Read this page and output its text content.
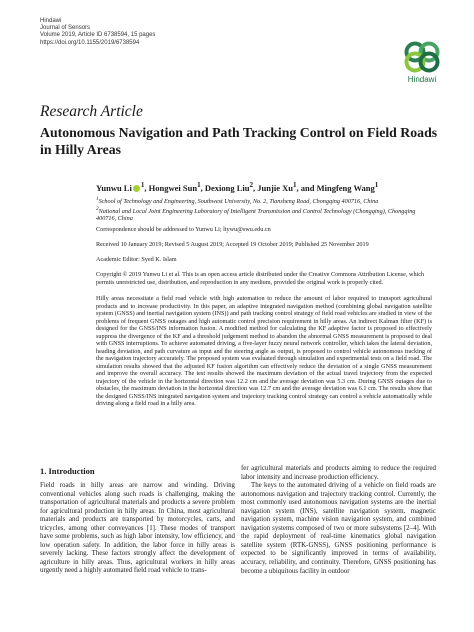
Hindawi
Journal of Sensors
Volume 2019, Article ID 6738594, 15 pages
https://doi.org/10.1155/2019/6738594
Hindawi
Research Article
Autonomous Navigation and Path Tracking Control on Field Roads in Hilly Areas
Yunwu Li $^1$, Hongwei Sun$^1$, Dexiong Liu$^2$, Junjie Xu$^1$, and Mingfeng Wang$^1$
$^1$School of Technology and Engineering, Southwest University, No. 2, Tiansheng Road, Chongqing 400716, China
$^2$National and Local Joint Engineering Laboratory of Intelligent Transmission and Control Technology (Chongqing), Chongqing 400716, China
Correspondence should be addressed to Yunwu Li; liywu@swu.edu.cn
Received 10 January 2019; Revised 5 August 2019; Accepted 19 October 2019; Published 25 November 2019
Academic Editor: Syed K. Islam
Copyright © 2019 Yunwu Li et al. This is an open access article distributed under the Creative Commons Attribution License, which permits unrestricted use, distribution, and reproduction in any medium, provided the original work is properly cited.
Hilly areas necessitate a field road vehicle with high automation to reduce the amount of labor required to transport agricultural products and to increase productivity. In this paper, an adaptive integrated navigation method (combining global navigation satellite system (GNSS) and inertial navigation system (INS)) and path tracking control strategy of field road vehicles are studied in view of the problems of frequent GNSS outages and high automatic control precision requirement in hilly areas. An indirect Kalman filter (KF) is designed for the GNSS/INS information fusion. A modified method for calculating the KF adaptive factor is proposed to effectively suppress the divergence of the KF and a threshold judgement method to abandon the abnormal GNSS measurement is proposed to deal with GNSS interruptions. To achieve automated driving, a five-layer fuzzy neural network controller, which takes the lateral deviation, heading deviation, and path curvature as input and the steering angle as output, is proposed to control vehicle autonomous tracking of the navigation trajectory accurately. The proposed system was evaluated through simulation and experimental tests on a field road. The simulation results showed that the adjusted KF fusion algorithm can effectively reduce the deviation of a single GNSS measurement and improve the overall accuracy. The test results showed the maximum deviation of the actual travel trajectory from the expected trajectory of the vehicle in the horizontal direction was 12.2 cm and the average deviation was 5.3 cm. During GNSS outages due to obstacles, the maximum deviation in the horizontal direction was 12.7 cm and the average deviation was 6.1 cm. The results show that the designed GNSS/INS integrated navigation system and trajectory tracking control strategy can control a vehicle automatically while driving along a field road in a hilly area.
1. Introduction

Field roads in hilly areas are narrow and winding. Driving conventional vehicles along such roads is challenging, making the transportation of agricultural materials and products a severe problem for agricultural production in hilly areas. In China, most agricultural materials and products are transported by motorcycles, carts, and tricycles, among other conveyances [1]. These modes of transport have some problems, such as high labor intensity, low efficiency, and low operation safety. In addition, the labor force in hilly areas is severely lacking. These factors strongly affect the development of agriculture in hilly areas. Thus, agricultural workers in hilly areas urgently need a highly automated field road vehicle to trans-

fer agricultural materials and products aiming to reduce the required labor intensity and increase production efficiency.

The keys to the automated driving of a vehicle on field roads are autonomous navigation and trajectory tracking control. Currently, the most commonly used autonomous navigation systems are the inertial navigation system (INS), satellite navigation system, magnetic navigation system, machine vision navigation system, and combined navigation systems composed of two or more subsystems [2–4]. With the rapid deployment of real-time kinematics global navigation satellite system (RTK-GNSS), GNSS positioning performance is expected to be significantly improved in terms of availability, accuracy, reliability, and continuity. Therefore, GNSS positioning has become a ubiquitous facility in outdoor
